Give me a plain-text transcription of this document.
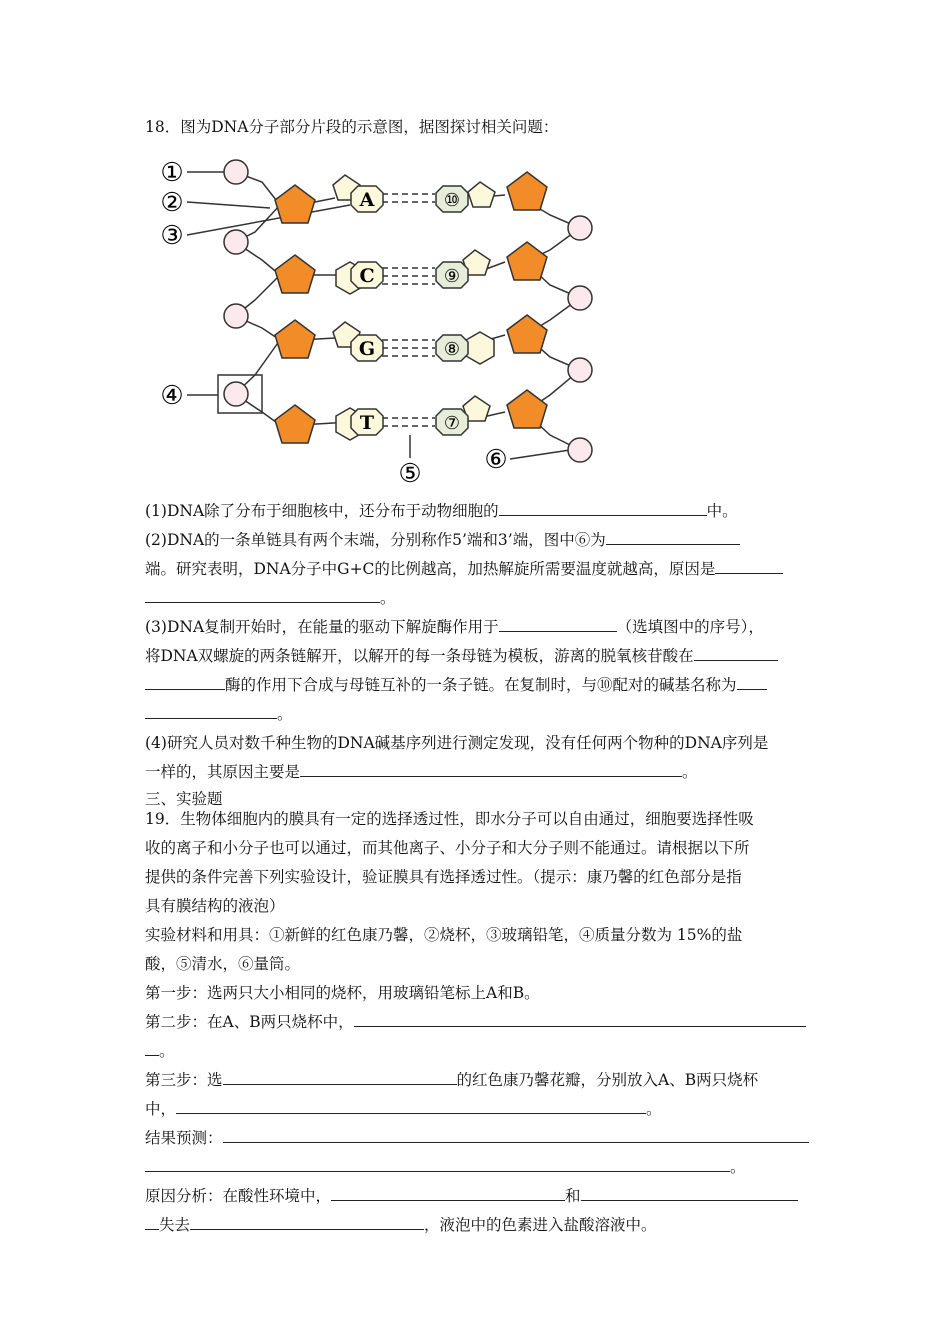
18．图为DNA分子部分片段的示意图，据图探讨相关问题：
A
C
G
T
⑩
⑨
⑧
⑦
①
②
③
④
⑤ ⑥
(1)DNA除了分布于细胞核中，还分布于动物细胞的	中。
(2)DNA的一条单链具有两个末端，分别称作5’端和3’端，图中⑥为
端。研究表明，DNA分子中G+C的比例越高，加热解旋所需要温度就越高，原因是
。
(3)DNA复制开始时，在能量的驱动下解旋酶作用于	（选填图中的序号），
将DNA双螺旋的两条链解开，以解开的每一条母链为模板，游离的脱氧核苷酸在
酶的作用下合成与母链互补的一条子链。在复制时，与⑩配对的碱基名称为
。
(4)研究人员对数千种生物的DNA碱基序列进行测定发现，没有任何两个物种的DNA序列是
一样的，其原因主要是	。
三、实验题
19．生物体细胞内的膜具有一定的选择透过性，即水分子可以自由通过，细胞要选择性吸
收的离子和小分子也可以通过，而其他离子、小分子和大分子则不能通过。请根据以下所
提供的条件完善下列实验设计，验证膜具有选择透过性。（提示：康乃馨的红色部分是指
具有膜结构的液泡）
实验材料和用具：①新鲜的红色康乃馨，②烧杯，③玻璃铅笔，④质量分数为 15%的盐
酸，⑤清水，⑥量筒。
第一步：选两只大小相同的烧杯，用玻璃铅笔标上A和B。
第二步：在A、B两只烧杯中，
。
第三步：选	的红色康乃馨花瓣，分别放入A、B两只烧杯
中，	。
结果预测：
。
原因分析：在酸性环境中，	和
失去	，液泡中的色素进入盐酸溶液中。
